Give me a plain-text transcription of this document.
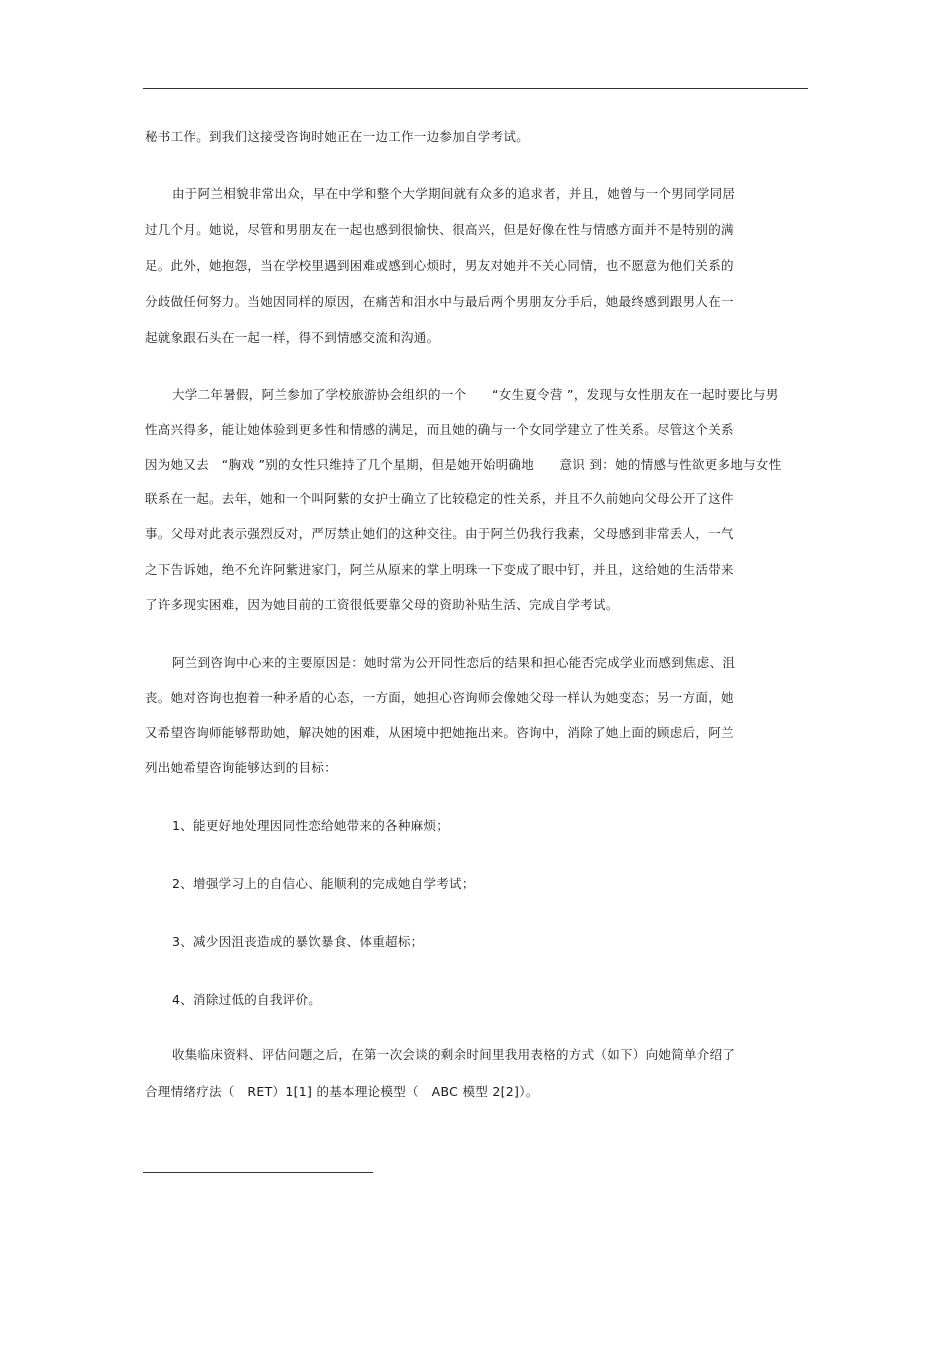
秘书工作。到我们这接受咨询时她正在一边工作一边参加自学考试。
由于阿兰相貌非常出众，早在中学和整个大学期间就有众多的追求者，并且，她曾与一个男同学同居
过几个月。她说，尽管和男朋友在一起也感到很愉快、很高兴，但是好像在性与情感方面并不是特别的满
足。此外，她抱怨，当在学校里遇到困难或感到心烦时，男友对她并不关心同情，也不愿意为他们关系的
分歧做任何努力。当她因同样的原因，在痛苦和泪水中与最后两个男朋友分手后，她最终感到跟男人在一
起就象跟石头在一起一样，得不到情感交流和沟通。
大学二年暑假，阿兰参加了学校旅游协会组织的一个　　“女生夏令营 ”，发现与女性朋友在一起时要比与男
性高兴得多，能让她体验到更多性和情感的满足，而且她的确与一个女同学建立了性关系。尽管这个关系
因为她又去　“胸戏 ”别的女性只维持了几个星期，但是她开始明确地　　意识 到：她的情感与性欲更多地与女性
联系在一起。去年，她和一个叫阿紫的女护士确立了比较稳定的性关系，并且不久前她向父母公开了这件
事。父母对此表示强烈反对，严厉禁止她们的这种交往。由于阿兰仍我行我素，父母感到非常丢人，一气
之下告诉她，绝不允许阿紫进家门，阿兰从原来的掌上明珠一下变成了眼中钉，并且，这给她的生活带来
了许多现实困难，因为她目前的工资很低要靠父母的资助补贴生活、完成自学考试。
阿兰到咨询中心来的主要原因是：她时常为公开同性恋后的结果和担心能否完成学业而感到焦虑、沮
丧。她对咨询也抱着一种矛盾的心态，一方面，她担心咨询师会像她父母一样认为她变态；另一方面，她
又希望咨询师能够帮助她，解决她的困难，从困境中把她拖出来。咨询中，消除了她上面的顾虑后，阿兰
列出她希望咨询能够达到的目标：
1、能更好地处理因同性恋给她带来的各种麻烦；
2、增强学习上的自信心、能顺利的完成她自学考试；
3、减少因沮丧造成的暴饮暴食、体重超标；
4、消除过低的自我评价。
收集临床资料、评估问题之后，在第一次会谈的剩余时间里我用表格的方式（如下）向她简单介绍了
合理情绪疗法（　RET）1[1] 的基本理论模型（　ABC 模型 2[2]）。
